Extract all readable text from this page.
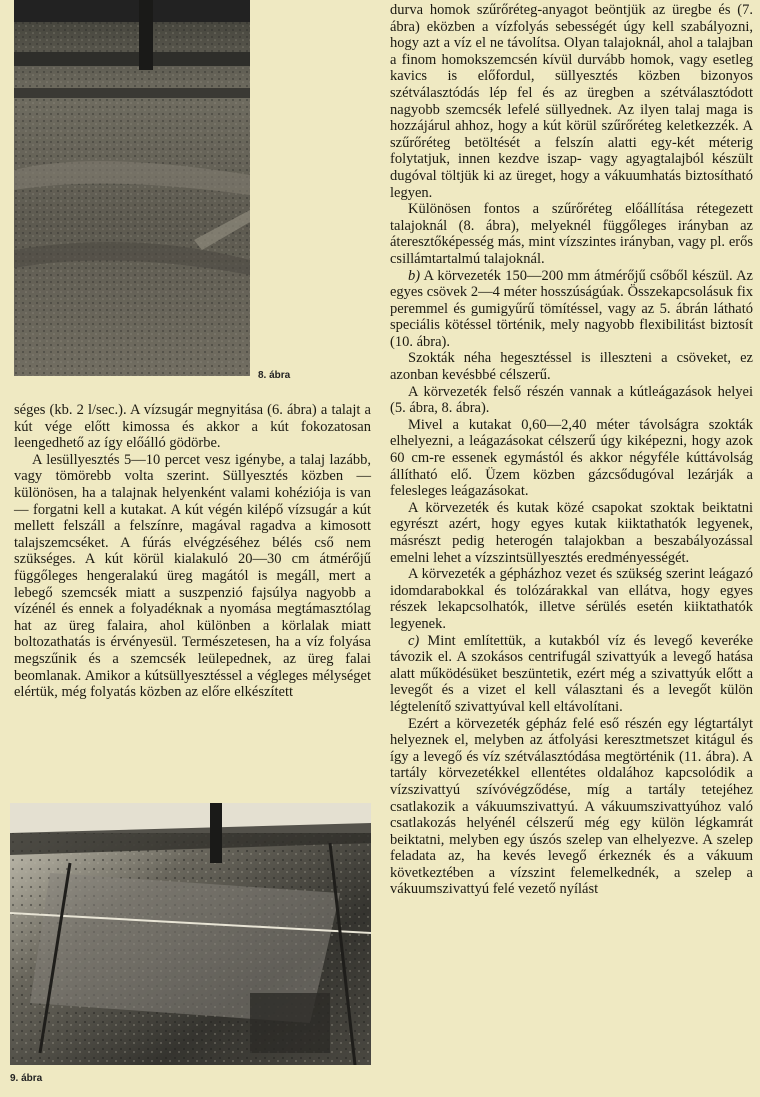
8. ábra

séges (kb. 2 l/sec.). A vízsugár megnyitása (6. ábra) a talajt a kút vége előtt kimossa és akkor a kút fokozatosan leengedhető az így előálló gödörbe.

A lesüllyesztés 5—10 percet vesz igénybe, a talaj lazább, vagy tömörebb volta szerint. Süllyesztés közben — különösen, ha a talajnak helyenként valami kohéziója is van — forgatni kell a kutakat. A kút végén kilépő vízsugár a kút mellett felszáll a felszínre, magával ragadva a kimosott talajszemcséket. A fúrás elvégzéséhez bélés cső nem szükséges. A kút körül kialakuló 20—30 cm átmérőjű függőleges hengeralakú üreg magától is megáll, mert a lebegő szemcsék miatt a suszpenzió fajsúlya nagyobb a vízénél és ennek a folyadéknak a nyomása megtámasztólag hat az üreg falaira, ahol különben a körlalak miatt boltozathatás is érvényesül. Természetesen, ha a víz folyása megszűnik és a szemcsék leülepednek, az üreg falai beomlanak. Amikor a kútsüllyesztéssel a végleges mélységet elértük, még folyatás közben az előre elkészített

9. ábra

durva homok szűrőréteg-anyagot beöntjük az üregbe és (7. ábra) eközben a vízfolyás sebességét úgy kell szabályozni, hogy azt a víz el ne távolítsa. Olyan talajoknál, ahol a talajban a finom homokszemcsén kívül durvább homok, vagy esetleg kavics is előfordul, süllyesztés közben bizonyos szétválasztódás lép fel és az üregben a szétválasztódott nagyobb szemcsék lefelé süllyednek. Az ilyen talaj maga is hozzájárul ahhoz, hogy a kút körül szűrőréteg keletkezzék. A szűrőréteg betöltését a felszín alatti egy-két méterig folytatjuk, innen kezdve iszap- vagy agyagtalajból készült dugóval töltjük ki az üreget, hogy a vákuumhatás biztosítható legyen.

Különösen fontos a szűrőréteg előállítása rétegezett talajoknál (8. ábra), melyeknél függőleges irányban az áteresztőképesség más, mint vízszintes irányban, vagy pl. erős csillámtartalmú talajoknál.

b) A körvezeték 150—200 mm átmérőjű csőből készül. Az egyes csövek 2—4 méter hosszúságúak. Összekapcsolásuk fix peremmel és gumigyűrű tömítéssel, vagy az 5. ábrán látható speciális kötéssel történik, mely nagyobb flexibilitást biztosít (10. ábra).

Szokták néha hegesztéssel is illeszteni a csöveket, ez azonban kevésbbé célszerű.

A körvezeték felső részén vannak a kútleágazások helyei (5. ábra, 8. ábra).

Mivel a kutakat 0,60—2,40 méter távolságra szokták elhelyezni, a leágazásokat célszerű úgy kiképezni, hogy azok 60 cm-re essenek egymástól és akkor négyféle kúttávolság állítható elő. Üzem közben gázcsődugóval lezárják a felesleges leágazásokat.

A körvezeték és kutak közé csapokat szoktak beiktatni egyrészt azért, hogy egyes kutak kiiktathatók legyenek, másrészt pedig heterogén talajokban a beszabályozással emelni lehet a vízszintsüllyesztés eredményességét.

A körvezeték a gépházhoz vezet és szükség szerint leágazó idomdarabokkal és tolózárakkal van ellátva, hogy egyes részek lekapcsolhatók, illetve sérülés esetén kiiktathatók legyenek.

c) Mint említettük, a kutakból víz és levegő keveréke távozik el. A szokásos centrifugál szivattyúk a levegő hatása alatt működésüket beszüntetik, ezért még a szivattyúk előtt a levegőt és a vizet el kell választani és a levegőt külön légtelenítő szivattyúval kell eltávolítani.

Ezért a körvezeték gépház felé eső részén egy légtartályt helyeznek el, melyben az átfolyási keresztmetszet kitágul és így a levegő és víz szétválasztódása megtörténik (11. ábra). A tartály körvezetékkel ellentétes oldalához kapcsolódik a vízszivattyú szívóvégződése, míg a tartály tetejéhez csatlakozik a vákuumszivattyú. A vákuumszivattyúhoz való csatlakozás helyénél célszerű még egy külön légkamrát beiktatni, melyben egy úszós szelep van elhelyezve. A szelep feladata az, ha kevés levegő érkeznék és a vákuum következtében a vízszint felemelkednék, a szelep a vákuumszivattyú felé vezető nyílást
